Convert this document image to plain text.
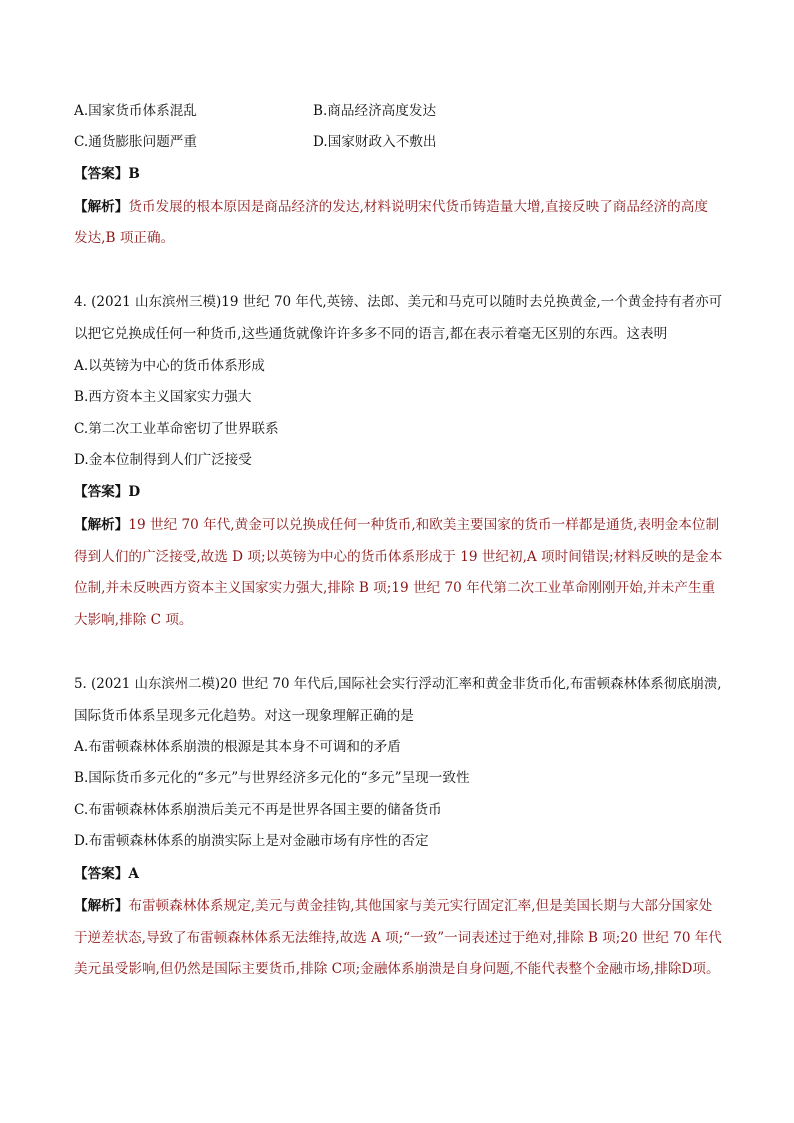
A.国家货币体系混乱	B.商品经济高度发达
C.通货膨胀问题严重	D.国家财政入不敷出
【答案】B
【解析】货币发展的根本原因是商品经济的发达,材料说明宋代货币铸造量大增,直接反映了商品经济的高度
发达,B 项正确。
4. (2021 山东滨州三模)19 世纪 70 年代,英镑、法郎、美元和马克可以随时去兑换黄金,一个黄金持有者亦可
以把它兑换成任何一种货币,这些通货就像许许多多不同的语言,都在表示着毫无区别的东西。这表明
A.以英镑为中心的货币体系形成
B.西方资本主义国家实力强大
C.第二次工业革命密切了世界联系
D.金本位制得到人们广泛接受
【答案】D
【解析】19 世纪 70 年代,黄金可以兑换成任何一种货币,和欧美主要国家的货币一样都是通货,表明金本位制
得到人们的广泛接受,故选 D 项;以英镑为中心的货币体系形成于 19 世纪初,A 项时间错误;材料反映的是金本
位制,并未反映西方资本主义国家实力强大,排除 B 项;19 世纪 70 年代第二次工业革命刚刚开始,并未产生重
大影响,排除 C 项。
5. (2021 山东滨州二模)20 世纪 70 年代后,国际社会实行浮动汇率和黄金非货币化,布雷顿森林体系彻底崩溃,
国际货币体系呈现多元化趋势。对这一现象理解正确的是
A.布雷顿森林体系崩溃的根源是其本身不可调和的矛盾
B.国际货币多元化的“多元”与世界经济多元化的“多元”呈现一致性
C.布雷顿森林体系崩溃后美元不再是世界各国主要的储备货币
D.布雷顿森林体系的崩溃实际上是对金融市场有序性的否定
【答案】A
【解析】布雷顿森林体系规定,美元与黄金挂钩,其他国家与美元实行固定汇率,但是美国长期与大部分国家处
于逆差状态,导致了布雷顿森林体系无法维持,故选 A 项;“一致”一词表述过于绝对,排除 B 项;20 世纪 70 年代
美元虽受影响,但仍然是国际主要货币,排除 C项;金融体系崩溃是自身问题,不能代表整个金融市场,排除D项。
